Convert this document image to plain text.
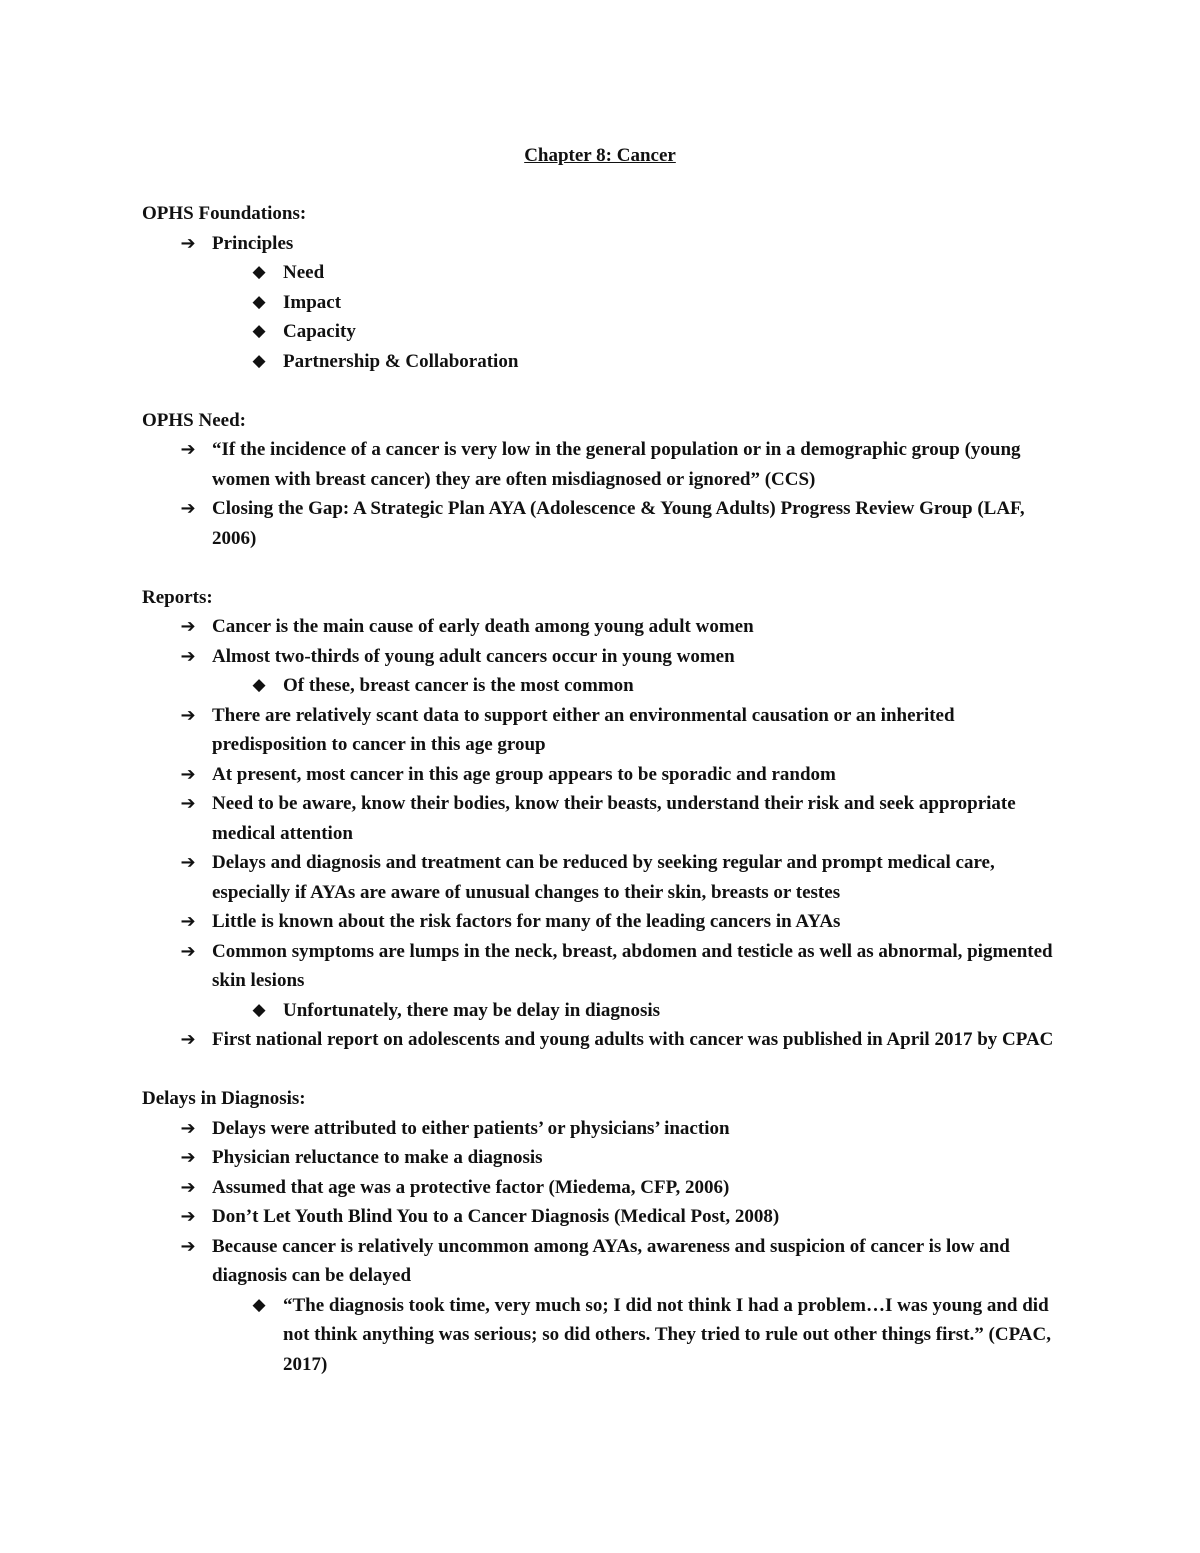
Chapter 8: Cancer

OPHS Foundations:

➔ Principles

◆ Need

◆ Impact

◆ Capacity

◆ Partnership & Collaboration

OPHS Need:

➔ “If the incidence of a cancer is very low in the general population or in a demographic group (young women with breast cancer) they are often misdiagnosed or ignored” (CCS)

➔ Closing the Gap: A Strategic Plan AYA (Adolescence & Young Adults) Progress Review Group (LAF, 2006)

Reports:

➔ Cancer is the main cause of early death among young adult women

➔ Almost two-thirds of young adult cancers occur in young women

◆ Of these, breast cancer is the most common

➔ There are relatively scant data to support either an environmental causation or an inherited predisposition to cancer in this age group

➔ At present, most cancer in this age group appears to be sporadic and random

➔ Need to be aware, know their bodies, know their beasts, understand their risk and seek appropriate medical attention

➔ Delays and diagnosis and treatment can be reduced by seeking regular and prompt medical care, especially if AYAs are aware of unusual changes to their skin, breasts or testes

➔ Little is known about the risk factors for many of the leading cancers in AYAs

➔ Common symptoms are lumps in the neck, breast, abdomen and testicle as well as abnormal, pigmented skin lesions

◆ Unfortunately, there may be delay in diagnosis

➔ First national report on adolescents and young adults with cancer was published in April 2017 by CPAC

Delays in Diagnosis:

➔ Delays were attributed to either patients’ or physicians’ inaction

➔ Physician reluctance to make a diagnosis

➔ Assumed that age was a protective factor (Miedema, CFP, 2006)

➔ Don’t Let Youth Blind You to a Cancer Diagnosis (Medical Post, 2008)

➔ Because cancer is relatively uncommon among AYAs, awareness and suspicion of cancer is low and diagnosis can be delayed

◆ “The diagnosis took time, very much so; I did not think I had a problem…I was young and did not think anything was serious; so did others. They tried to rule out other things first.” (CPAC, 2017)
